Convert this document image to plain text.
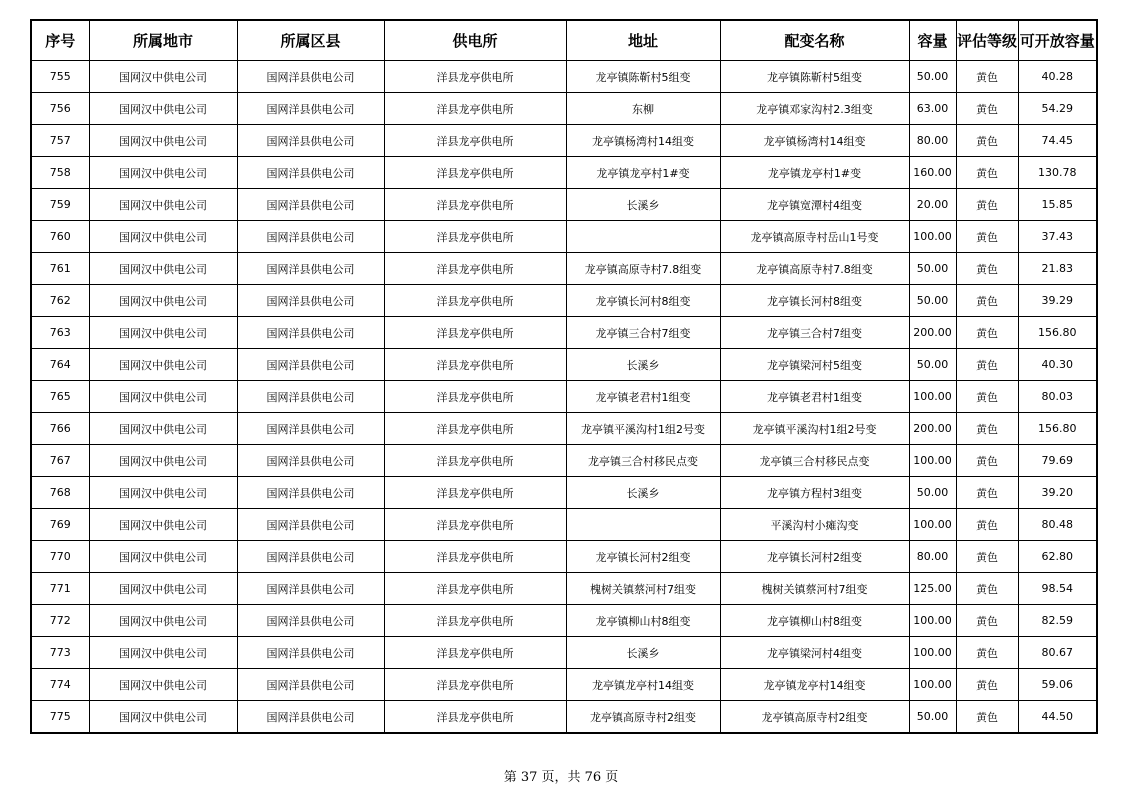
序号	所属地市	所属区县	供电所	地址	配变名称	容量	评估等级	可开放容量
755	国网汉中供电公司	国网洋县供电公司	洋县龙亭供电所	龙亭镇陈靳村5组变	龙亭镇陈靳村5组变	50.00	黄色	40.28
756	国网汉中供电公司	国网洋县供电公司	洋县龙亭供电所	东柳	龙亭镇邓家沟村2.3组变	63.00	黄色	54.29
757	国网汉中供电公司	国网洋县供电公司	洋县龙亭供电所	龙亭镇杨湾村14组变	龙亭镇杨湾村14组变	80.00	黄色	74.45
758	国网汉中供电公司	国网洋县供电公司	洋县龙亭供电所	龙亭镇龙亭村1#变	龙亭镇龙亭村1#变	160.00	黄色	130.78
759	国网汉中供电公司	国网洋县供电公司	洋县龙亭供电所	长溪乡	龙亭镇宽潭村4组变	20.00	黄色	15.85
760	国网汉中供电公司	国网洋县供电公司	洋县龙亭供电所		龙亭镇高原寺村岳山1号变	100.00	黄色	37.43
761	国网汉中供电公司	国网洋县供电公司	洋县龙亭供电所	龙亭镇高原寺村7.8组变	龙亭镇高原寺村7.8组变	50.00	黄色	21.83
762	国网汉中供电公司	国网洋县供电公司	洋县龙亭供电所	龙亭镇长河村8组变	龙亭镇长河村8组变	50.00	黄色	39.29
763	国网汉中供电公司	国网洋县供电公司	洋县龙亭供电所	龙亭镇三合村7组变	龙亭镇三合村7组变	200.00	黄色	156.80
764	国网汉中供电公司	国网洋县供电公司	洋县龙亭供电所	长溪乡	龙亭镇梁河村5组变	50.00	黄色	40.30
765	国网汉中供电公司	国网洋县供电公司	洋县龙亭供电所	龙亭镇老君村1组变	龙亭镇老君村1组变	100.00	黄色	80.03
766	国网汉中供电公司	国网洋县供电公司	洋县龙亭供电所	龙亭镇平溪沟村1组2号变	龙亭镇平溪沟村1组2号变	200.00	黄色	156.80
767	国网汉中供电公司	国网洋县供电公司	洋县龙亭供电所	龙亭镇三合村移民点变	龙亭镇三合村移民点变	100.00	黄色	79.69
768	国网汉中供电公司	国网洋县供电公司	洋县龙亭供电所	长溪乡	龙亭镇方程村3组变	50.00	黄色	39.20
769	国网汉中供电公司	国网洋县供电公司	洋县龙亭供电所		平溪沟村小瘫沟变	100.00	黄色	80.48
770	国网汉中供电公司	国网洋县供电公司	洋县龙亭供电所	龙亭镇长河村2组变	龙亭镇长河村2组变	80.00	黄色	62.80
771	国网汉中供电公司	国网洋县供电公司	洋县龙亭供电所	槐树关镇蔡河村7组变	槐树关镇蔡河村7组变	125.00	黄色	98.54
772	国网汉中供电公司	国网洋县供电公司	洋县龙亭供电所	龙亭镇柳山村8组变	龙亭镇柳山村8组变	100.00	黄色	82.59
773	国网汉中供电公司	国网洋县供电公司	洋县龙亭供电所	长溪乡	龙亭镇梁河村4组变	100.00	黄色	80.67
774	国网汉中供电公司	国网洋县供电公司	洋县龙亭供电所	龙亭镇龙亭村14组变	龙亭镇龙亭村14组变	100.00	黄色	59.06
775	国网汉中供电公司	国网洋县供电公司	洋县龙亭供电所	龙亭镇高原寺村2组变	龙亭镇高原寺村2组变	50.00	黄色	44.50
第 37 页，共 76 页
